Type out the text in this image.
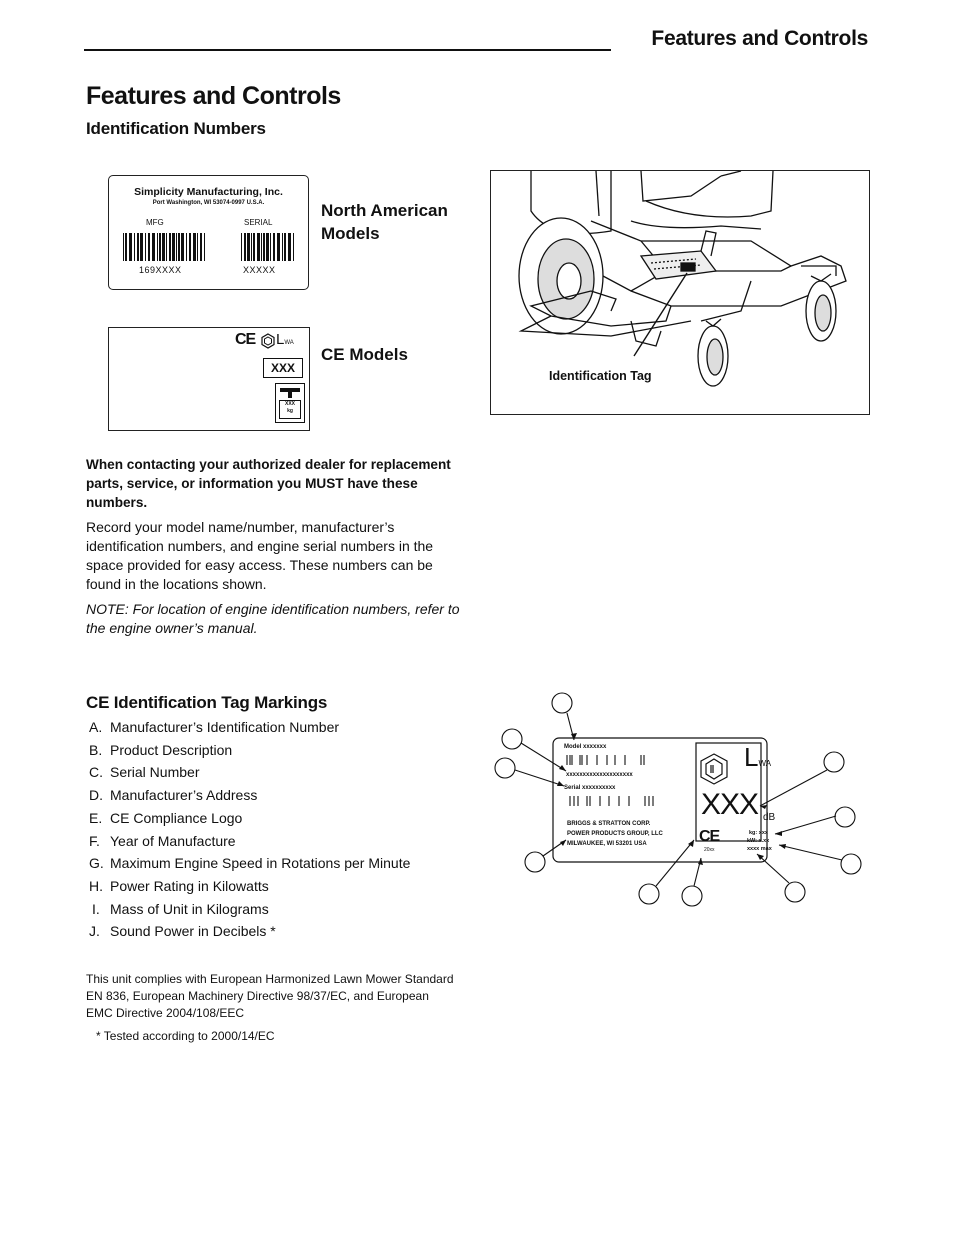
Features and Controls
Features and Controls
Identification Numbers
Simplicity Manufacturing, Inc.
Port Washington, WI 53074-0997 U.S.A.
MFG	SERIAL
169XXXX	XXXXX
North American
Models
CE LWA
XXX
XXX
kg
CE Models
Identification Tag
When contacting your authorized dealer for replacement parts, service, or information you MUST have these numbers.
Record your model name/number, manufacturer’s identification numbers, and engine serial numbers in the space provided for easy access. These numbers can be found in the locations shown.
NOTE: For location of engine identification numbers, refer to the engine owner’s manual.
CE Identification Tag Markings
A. Manufacturer’s Identification Number
B. Product Description
C. Serial Number
D. Manufacturer’s Address
E. CE Compliance Logo
F. Year of Manufacture
G. Maximum Engine Speed in Rotations per Minute
H. Power Rating in Kilowatts
I. Mass of Unit in Kilograms
J. Sound Power in Decibels *
Model xxxxxxx
xxxxxxxxxxxxxxxxxxxx
Serial xxxxxxxxxx
BRIGGS & STRATTON CORP.
POWER PRODUCTS GROUP, LLC
MILWAUKEE, WI 53201 USA	CE
20xx
LWA
XXX dB
kg: xxx
kW: x.xx
xxxx max
This unit complies with European Harmonized Lawn Mower Standard EN 836, European Machinery Directive 98/37/EC, and European EMC Directive 2004/108/EEC
* Tested according to 2000/14/EC
